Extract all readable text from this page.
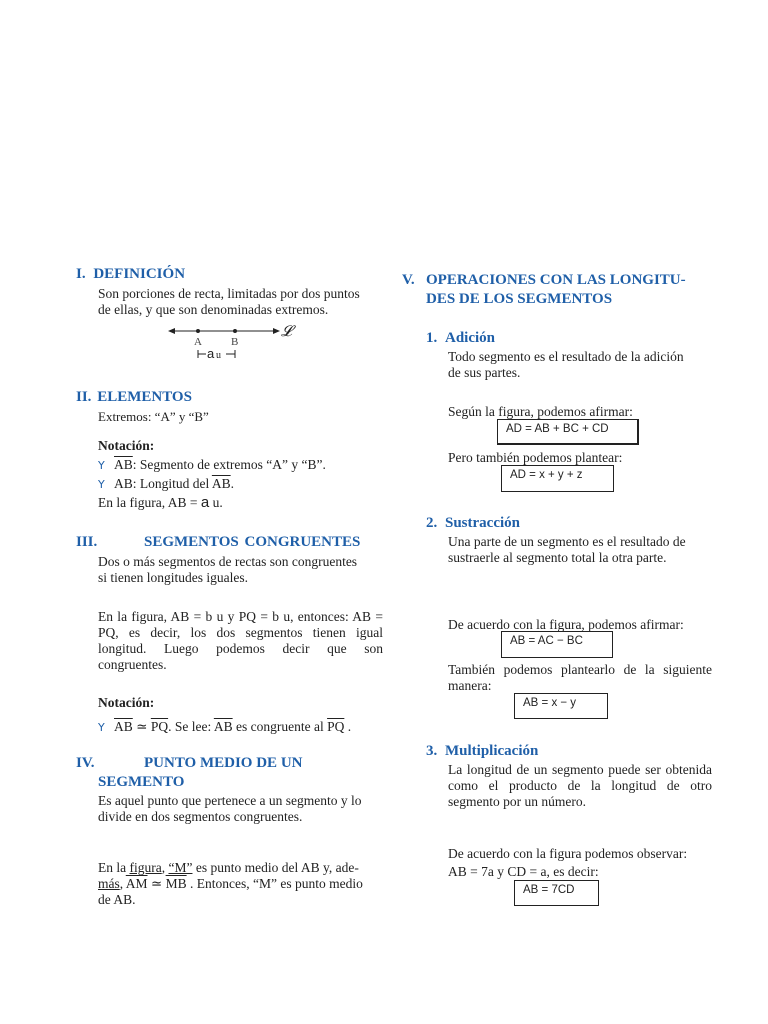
I. DEFINICIÓN
Son porciones de recta, limitadas por dos puntos
de ellas, y que son denominadas extremos.
A	B
𝓛
a u
II. ELEMENTOS
Extremos: “A” y “B”
Notación:
Y $\overline{AB}$: Segmento de extremos “A” y “B”.
Y AB: Longitud del $\overline{AB}$.
En la figura, AB = a u.
III.	SEGMENTOS CONGRUENTES
Dos o más segmentos de rectas son congruentes
si tienen longitudes iguales.
En la figura, AB = b u y PQ = b u, entonces: AB = PQ, es decir, los dos segmentos tienen igual longitud. Luego podemos decir que son congruentes.
Notación:
Y $\overline{AB}$ ≃ $\overline{PQ}$. Se lee: $\overline{AB}$ es congruente al $\overline{PQ}$ .
IV.	PUNTO MEDIO DE UN
SEGMENTO
Es aquel punto que pertenece a un segmento y lo
divide en dos segmentos congruentes.
En la figura, “M” es punto medio del AB y, ade-
más, $\overline{AM}$ ≃ $\overline{MB}$ . Entonces, “M” es punto medio
de AB.
V. OPERACIONES CON LAS LONGITU-
DES DE LOS SEGMENTOS
1. Adición
Todo segmento es el resultado de la adición
de sus partes.
Según la figura, podemos afirmar:
AD = AB + BC + CD
Pero también podemos plantear:
AD = x + y + z
2. Sustracción
Una parte de un segmento es el resultado de
sustraerle al segmento total la otra parte.
De acuerdo con la figura, podemos afirmar:
AB = AC − BC
También podemos plantearlo de la siguiente manera:
AB = x − y
3. Multiplicación
La longitud de un segmento puede ser obtenida como el producto de la longitud de otro segmento por un número.
De acuerdo con la figura podemos observar:
AB = 7a y CD = a, es decir:
AB = 7CD
